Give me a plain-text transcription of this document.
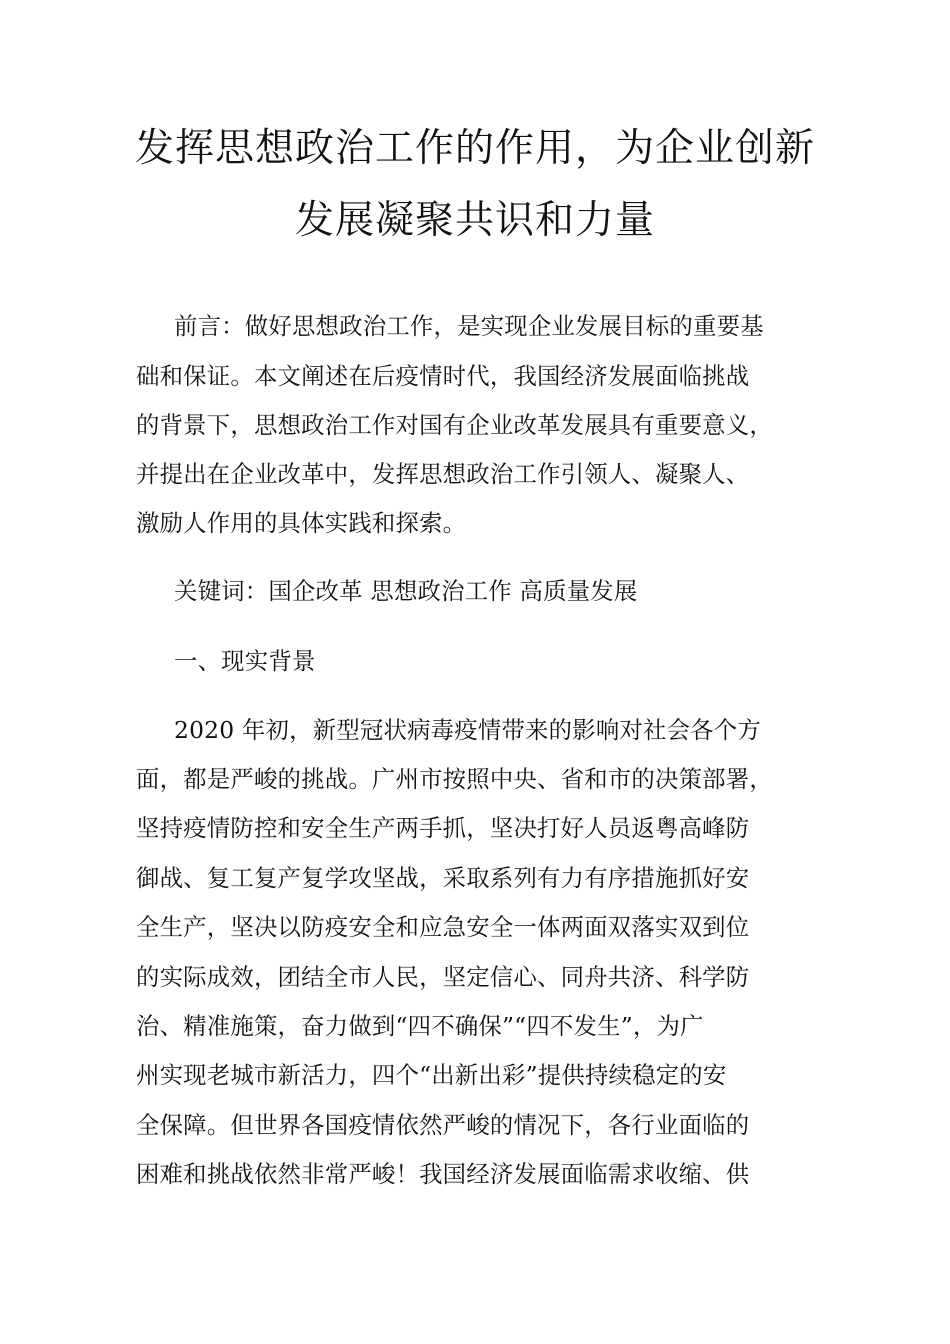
发挥思想政治工作的作用，为企业创新
发展凝聚共识和力量
前言：做好思想政治工作，是实现企业发展目标的重要基
础和保证。本文阐述在后疫情时代，我国经济发展面临挑战
的背景下，思想政治工作对国有企业改革发展具有重要意义，
并提出在企业改革中，发挥思想政治工作引领人、凝聚人、
激励人作用的具体实践和探索。
关键词：国企改革 思想政治工作 高质量发展
一、现实背景
2020 年初，新型冠状病毒疫情带来的影响对社会各个方
面，都是严峻的挑战。广州市按照中央、省和市的决策部署，
坚持疫情防控和安全生产两手抓，坚决打好人员返粤高峰防
御战、复工复产复学攻坚战，采取系列有力有序措施抓好安
全生产，坚决以防疫安全和应急安全一体两面双落实双到位
的实际成效，团结全市人民，坚定信心、同舟共济、科学防
治、精准施策，奋力做到“四不确保”“四不发生”，为广
州实现老城市新活力，四个“出新出彩”提供持续稳定的安
全保障。但世界各国疫情依然严峻的情况下，各行业面临的
困难和挑战依然非常严峻！我国经济发展面临需求收缩、供
